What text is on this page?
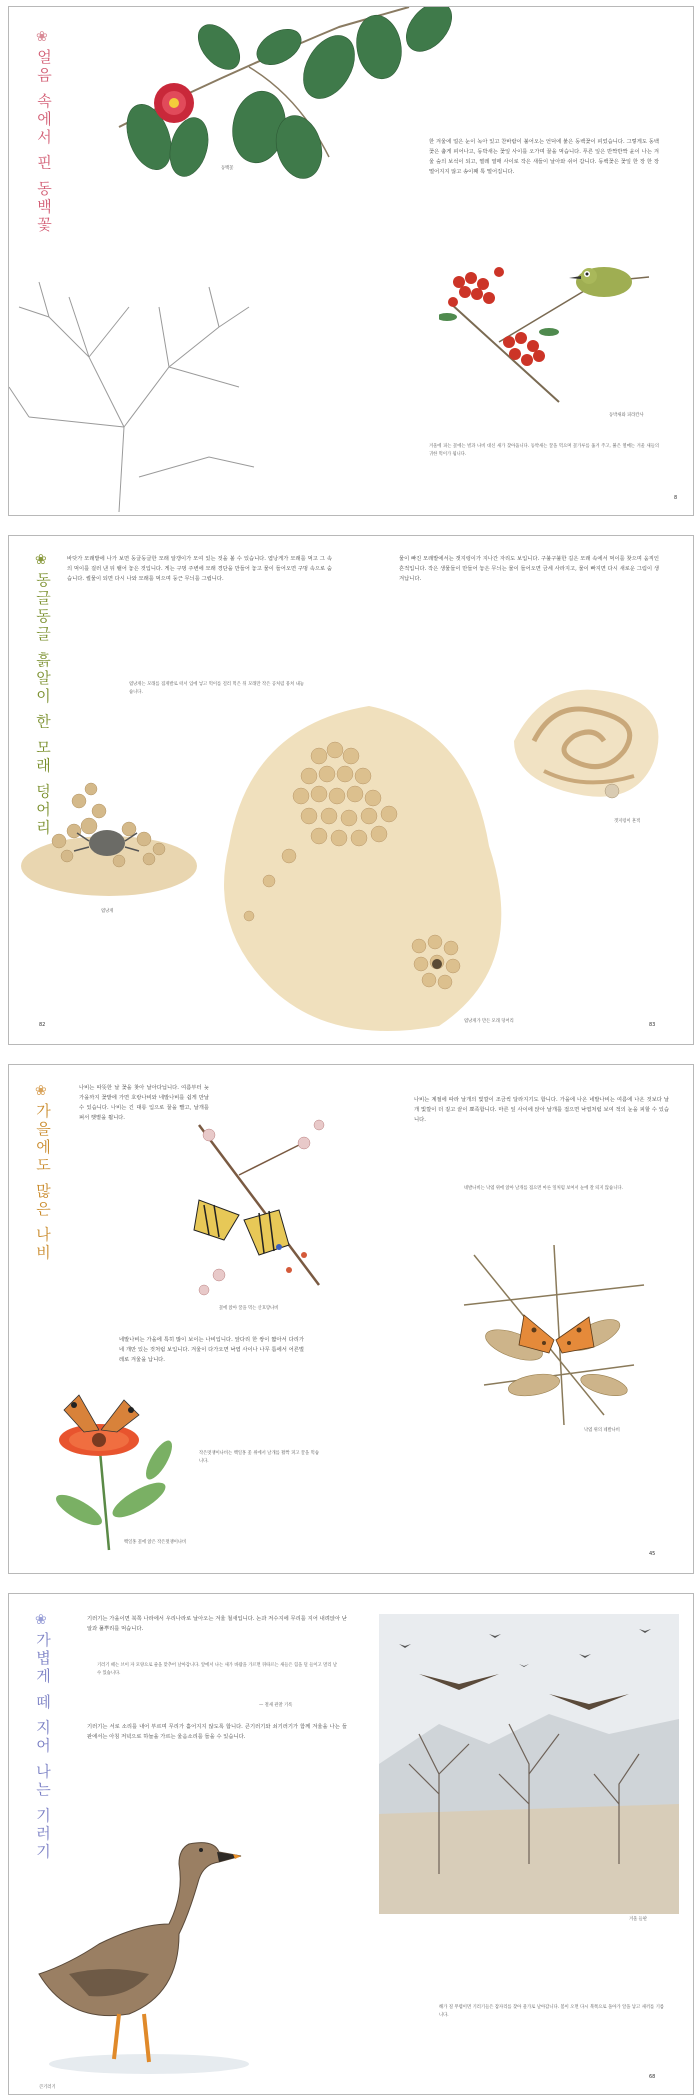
❀
얼음 속에서 핀 동백꽃	동백꽃
한 겨울에 얼은 눈이 녹아 있고 찬바람이 불어오는 언덕에 붉은 동백꽃이 피었습니다. 그렇게도 동백꽃은 춥게 피어나고, 동박새는 꽃잎 사이를 오가며 꿀을 먹습니다. 푸른 잎은 반짝반짝 윤이 나는 겨울 숲의 보석이 되고, 찔레 열매 사이로 작은 새들이 날아와 쉬어 갑니다. 동백꽃은 꽃잎 한 장 한 장 떨어지지 않고 송이째 톡 떨어집니다.
동박새와 피라칸사
겨울에 피는 꽃에는 벌과 나비 대신 새가 찾아옵니다. 동박새는 꿀을 먹으며 꽃가루를 옮겨 주고, 붉은 열매는 겨울 새들의 귀한 먹이가 됩니다.
8
❀
동글동글 흙알이 한 모래 덩어리
바닷가 모래밭에 나가 보면 동글동글한 모래 알갱이가 모여 있는 것을 볼 수 있습니다. 엽낭게가 모래를 먹고 그 속의 먹이를 걸러 낸 뒤 뱉어 놓은 것입니다. 게는 구멍 주변에 모래 경단을 만들어 놓고 물이 들어오면 구멍 속으로 숨습니다. 썰물이 되면 다시 나와 모래를 먹으며 둥근 무늬를 그립니다.
엽낭게는 모래를 집게발로 떠서 입에 넣고 먹이를 걸러 먹은 뒤 모래만 작은 공처럼 뭉쳐 내놓습니다.
물이 빠진 모래밭에서는 갯지렁이가 지나간 자리도 보입니다. 구불구불한 길은 모래 속에서 먹이를 찾으며 움직인 흔적입니다. 작은 생물들이 만들어 놓은 무늬는 물이 들어오면 금세 사라지고, 물이 빠지면 다시 새로운 그림이 생겨납니다.
엽낭게
엽낭게가 만든 모래 덩어리
갯지렁이 흔적
82	83
❀
가을에도 많은 나비
나비는 따뜻한 날 꽃을 찾아 날아다닙니다. 여름부터 늦가을까지 꽃밭에 가면 호랑나비와 네발나비를 쉽게 만날 수 있습니다. 나비는 긴 대롱 입으로 꿀을 빨고, 날개를 펴서 햇볕을 쬡니다.
꽃에 앉아 꿀을 먹는 산호랑나비
네발나비는 가을에 특히 많이 보이는 나비입니다. 앞다리 한 쌍이 짧아서 다리가 네 개만 있는 것처럼 보입니다. 겨울이 다가오면 낙엽 사이나 나무 틈에서 어른벌레로 겨울을 납니다.
작은멋쟁이나비는 백일홍 꽃 위에서 날개를 활짝 펴고 꿀을 먹습니다.
백일홍 꽃에 앉은 작은멋쟁이나비
나비는 계절에 따라 날개의 빛깔이 조금씩 달라지기도 합니다. 가을에 나온 네발나비는 여름에 나온 것보다 날개 빛깔이 더 짙고 끝이 뾰족합니다. 마른 잎 사이에 앉아 날개를 접으면 낙엽처럼 보여 적의 눈을 피할 수 있습니다.
네발나비는 낙엽 위에 앉아 날개를 접으면 마른 잎처럼 보여서 눈에 잘 띄지 않습니다.
낙엽 위의 네발나비
45
❀
가볍게 떼 지어 나는 기러기
기러기는 가을이면 북쪽 나라에서 우리나라로 날아오는 겨울 철새입니다. 논과 저수지에 무리를 지어 내려앉아 낟알과 풀뿌리를 먹습니다.
기러기 떼는 브이 자 모양으로 줄을 맞추어 날아갑니다. 앞에서 나는 새가 바람을 가르면 뒤따르는 새들은 힘을 덜 들이고 멀리 날 수 있습니다.
— 철새 관찰 기록
기러기는 서로 소리를 내어 부르며 무리가 흩어지지 않도록 합니다. 큰기러기와 쇠기러기가 함께 겨울을 나는 들판에서는 아침 저녁으로 하늘을 가르는 울음소리를 들을 수 있습니다.
큰기러기
겨울 들판
해가 질 무렵이면 기러기들은 잠자리를 찾아 물가로 날아갑니다. 봄이 오면 다시 북쪽으로 돌아가 알을 낳고 새끼를 기릅니다.
68
